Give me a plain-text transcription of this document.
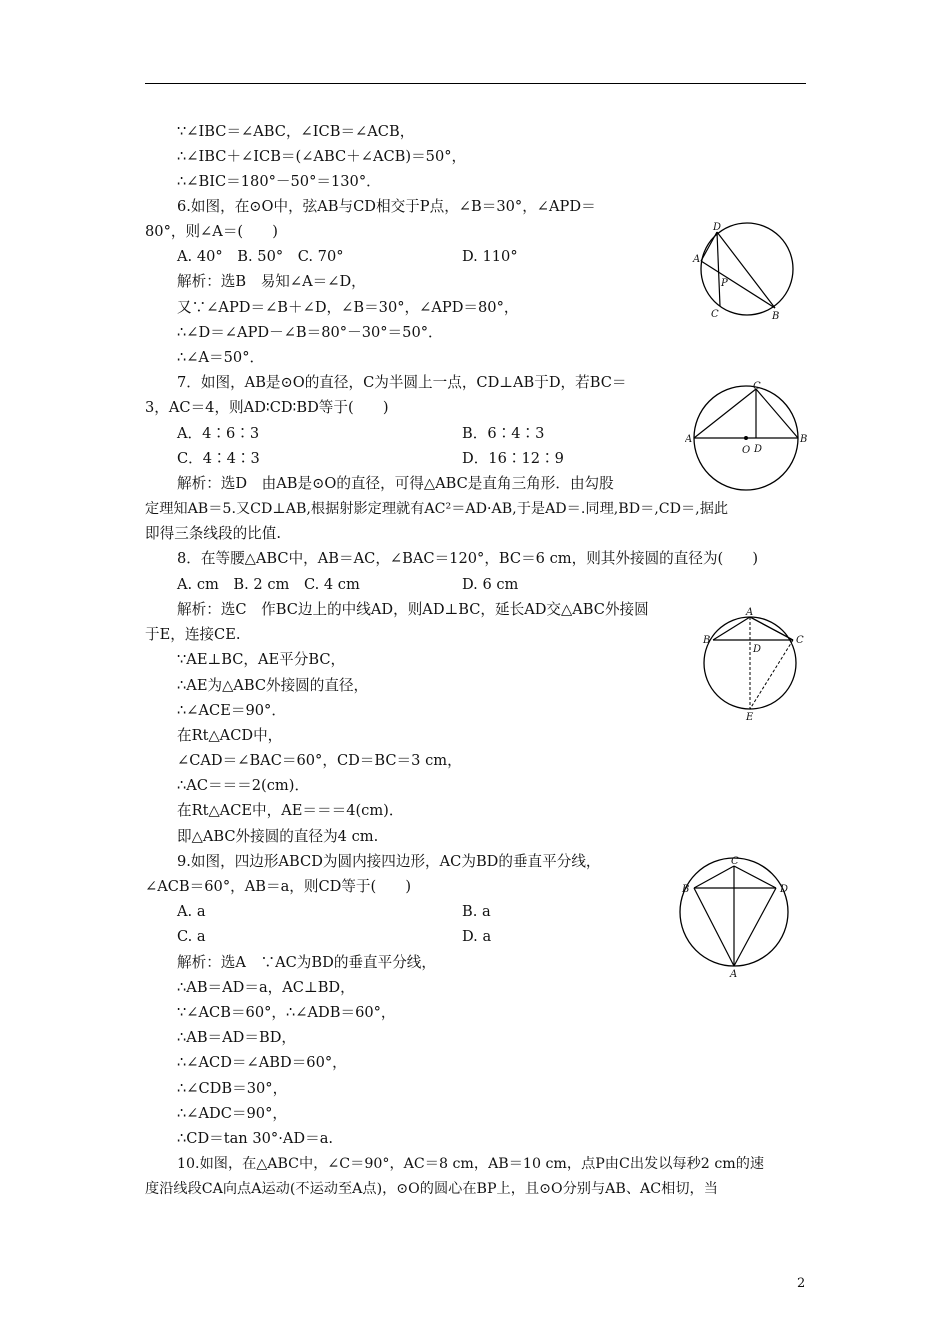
∵∠IBC＝∠ABC，∠ICB＝∠ACB，
∴∠IBC＋∠ICB＝(∠ABC＋∠ACB)＝50°，
∴∠BIC＝180°－50°＝130°．
6.如图，在⊙O中，弦AB与CD相交于P点，∠B＝30°，∠APD＝
80°，则∠A＝(　　)
A. 40°　B. 50°　C. 70°	D. 110°
解析：选B　易知∠A＝∠D，
又∵∠APD＝∠B＋∠D，∠B＝30°，∠APD＝80°，
∴∠D＝∠APD－∠B＝80°－30°＝50°．
∴∠A＝50°．
7．如图，AB是⊙O的直径，C为半圆上一点，CD⊥AB于D，若BC＝
3，AC＝4，则AD∶CD∶BD等于(　　)
A．4∶6∶3	B．6∶4∶3
C．4∶4∶3	D．16∶12∶9
解析：选D　由AB是⊙O的直径，可得△ABC是直角三角形．由勾股
定理知AB＝5.又CD⊥AB,根据射影定理就有AC²＝AD·AB,于是AD＝.同理,BD＝,CD＝,据此
即得三条线段的比值.
8．在等腰△ABC中，AB＝AC，∠BAC＝120°，BC＝6 cm，则其外接圆的直径为(　　)
A. cm　B. 2 cm　C. 4 cm	D. 6 cm
解析：选C　作BC边上的中线AD，则AD⊥BC，延长AD交△ABC外接圆
于E，连接CE.
∵AE⊥BC，AE平分BC，
∴AE为△ABC外接圆的直径，
∴∠ACE＝90°．
在Rt△ACD中，
∠CAD＝∠BAC＝60°，CD＝BC＝3 cm，
∴AC＝＝＝2(cm)．
在Rt△ACE中，AE＝＝＝4(cm)．
即△ABC外接圆的直径为4 cm.
9.如图，四边形ABCD为圆内接四边形，AC为BD的垂直平分线，
∠ACB＝60°，AB＝a，则CD等于(　　)
A. a	B. a
C. a	D. a
解析：选A　∵AC为BD的垂直平分线，
∴AB＝AD＝a，AC⊥BD，
∵∠ACB＝60°，∴∠ADB＝60°，
∴AB＝AD＝BD，
∴∠ACD＝∠ABD＝60°，
∴∠CDB＝30°，
∴∠ADC＝90°，
∴CD＝tan 30°·AD＝a.
10.如图，在△ABC中，∠C＝90°，AC＝8 cm，AB＝10 cm，点P由C出发以每秒2 cm的速
度沿线段CA向点A运动(不运动至A点)，⊙O的圆心在BP上，且⊙O分别与AB、AC相切，当
D
A
P
C	B
C
A	B
O D
A
B	C
D
E
C
B	D
A
2
